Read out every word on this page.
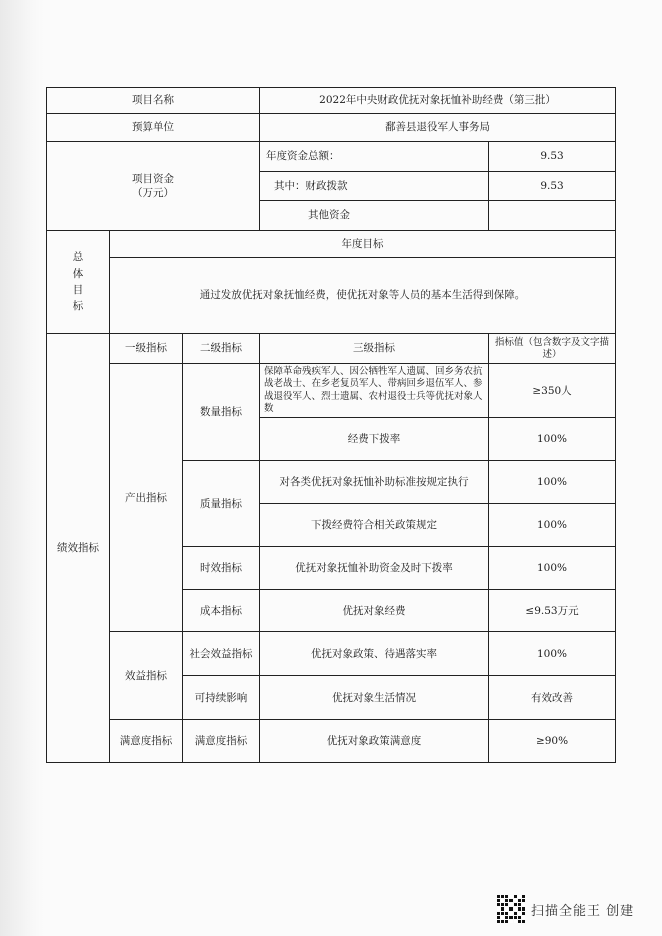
项目名称			2022年中央财政优抚对象抚恤补助经费（第三批）	
预算单位			鄱善县退役军人事务局	

项目资金
（万元）			年度资金总额：	9.53
			其中：财政拨款	9.53
			其他资金	

总
体
目
标	年度目标			
	通过发放优抚对象抚恤经费，使优抚对象等人员的基本生活得到保障。			
绩效指标	一级指标	二级指标	三级指标	指标值（包含数字及文字描述）
	产出指标	数量指标	保障革命残疾军人、因公牺牲军人遗属、回乡务农抗战老战士、在乡老复员军人、带病回乡退伍军人、参战退役军人、烈士遗属、农村退役士兵等优抚对象人数	≥350人
			经费下拨率	100%
		质量指标	对各类优抚对象抚恤补助标准按规定执行	100%
			下拨经费符合相关政策规定	100%
		时效指标	优抚对象抚恤补助资金及时下拨率	100%
		成本指标	优抚对象经费	≤9.53万元
	效益指标	社会效益指标	优抚对象政策、待遇落实率	100%
		可持续影响	优抚对象生活情况	有效改善
	满意度指标	满意度指标	优抚对象政策满意度	≥90%
扫描全能王 创建
